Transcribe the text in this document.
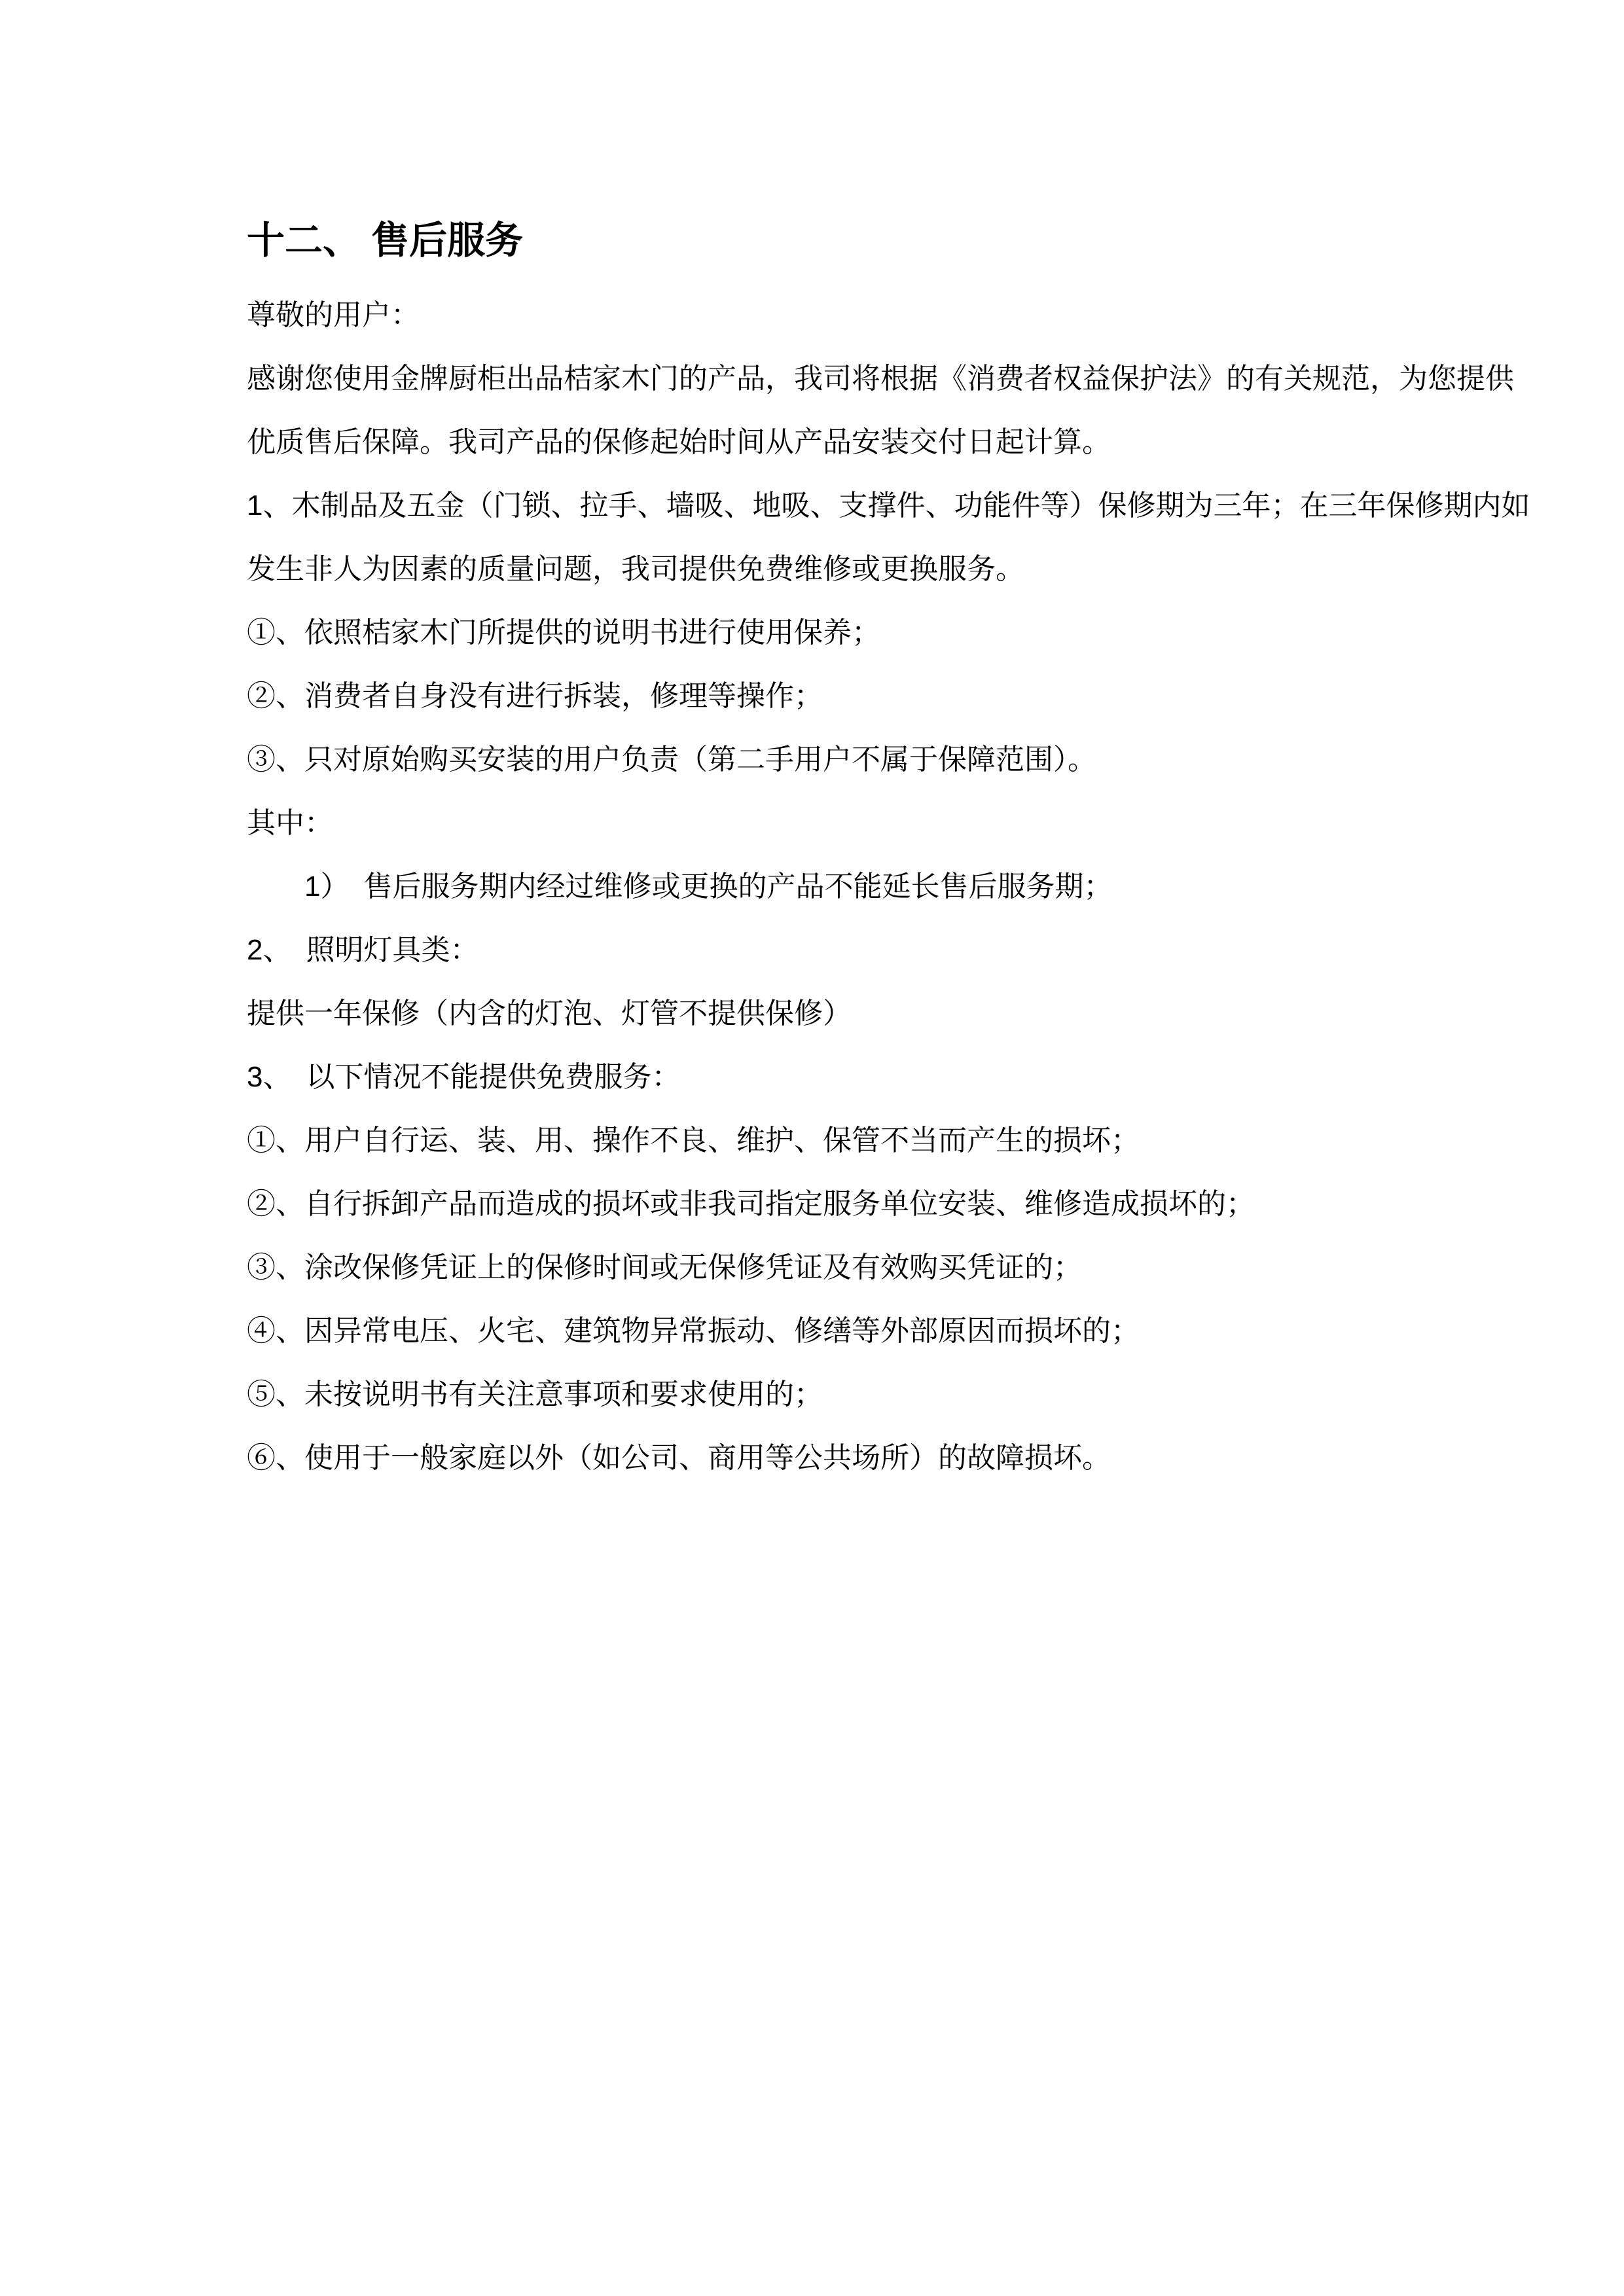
十二、 售后服务
尊敬的用户：
感谢您使用金牌厨柜出品桔家木门的产品，我司将根据《消费者权益保护法》的有关规范，为您提供
优质售后保障。我司产品的保修起始时间从产品安装交付日起计算。
1、木制品及五金（门锁、拉手、墙吸、地吸、支撑件、功能件等）保修期为三年；在三年保修期内如
发生非人为因素的质量问题，我司提供免费维修或更换服务。
①、依照桔家木门所提供的说明书进行使用保养；
②、消费者自身没有进行拆装，修理等操作；
③、只对原始购买安装的用户负责（第二手用户不属于保障范围）。
其中：
　　1）　售后服务期内经过维修或更换的产品不能延长售后服务期；
2、　照明灯具类：
提供一年保修（内含的灯泡、灯管不提供保修）
3、　以下情况不能提供免费服务：
①、用户自行运、装、用、操作不良、维护、保管不当而产生的损坏；
②、自行拆卸产品而造成的损坏或非我司指定服务单位安装、维修造成损坏的；
③、涂改保修凭证上的保修时间或无保修凭证及有效购买凭证的；
④、因异常电压、火宅、建筑物异常振动、修缮等外部原因而损坏的；
⑤、未按说明书有关注意事项和要求使用的；
⑥、使用于一般家庭以外（如公司、商用等公共场所）的故障损坏。
